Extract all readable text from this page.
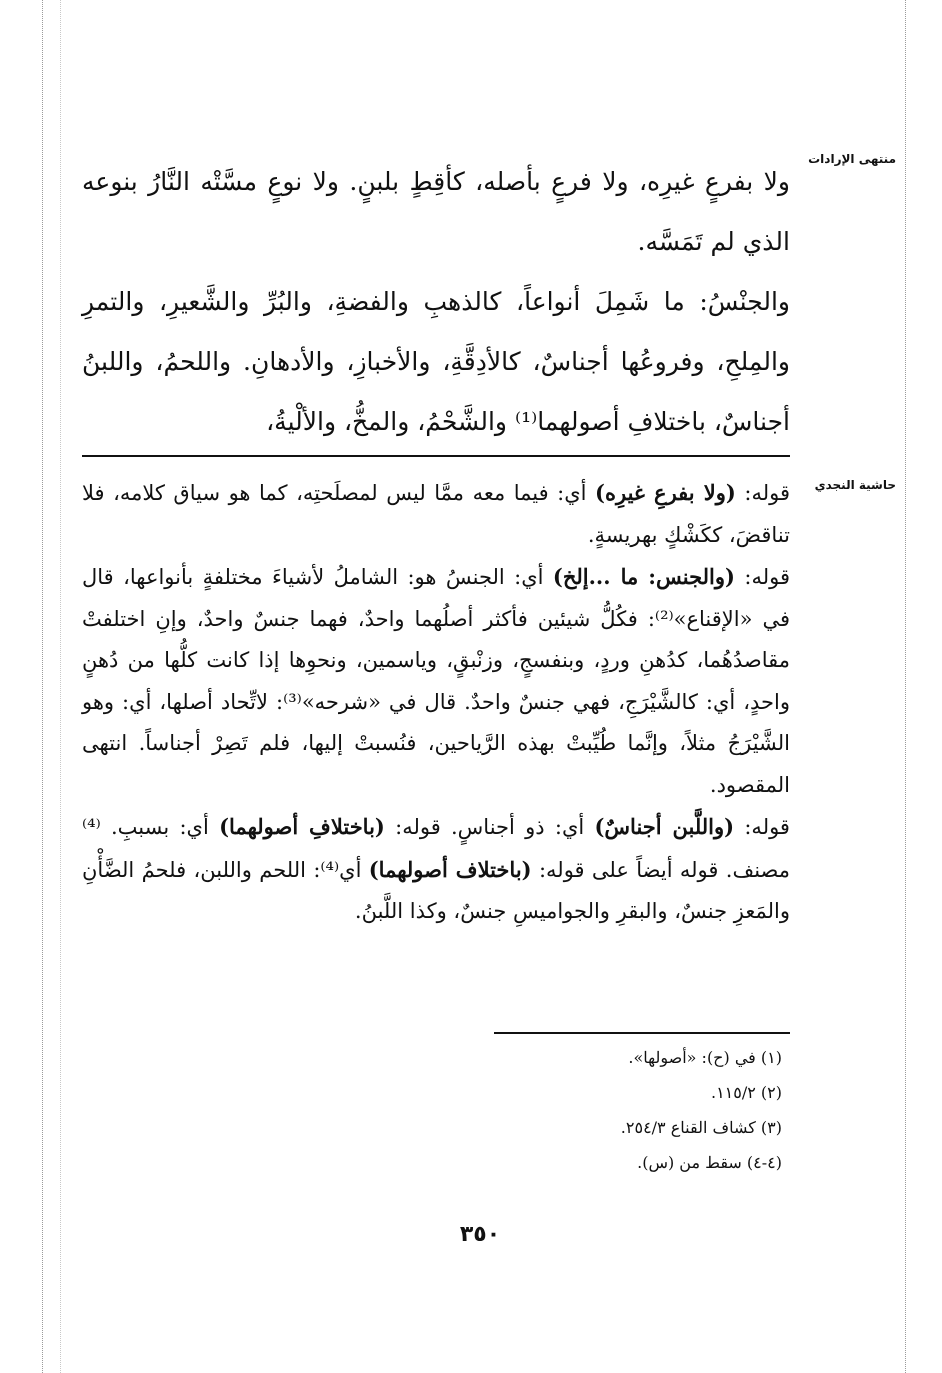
منتهى الإرادات

ولا بفرعٍ غيرِه، ولا فرعٍ بأصله، كأقِطٍ بلبنٍ. ولا نوعٍ مسَّتْه النَّارُ بنوعه الذي لم تَمَسَّه.

والجنْسُ: ما شَمِلَ أنواعاً، كالذهبِ والفضةِ، والبُرِّ والشَّعيرِ، والتمرِ والمِلحِ، وفروعُها أجناسٌ، كالأدِقَّةِ، والأخبازِ، والأدهانِ. واللحمُ، واللبنُ أجناسٌ، باختلافِ أصولهما⁽¹⁾ والشَّحْمُ، والمخُّ، والألْيةُ،

حاشية النجدي

قوله: (ولا بفرعِ غيرِه) أي: فيما معه ممَّا ليس لمصلَحتِه، كما هو سياق كلامه، فلا تناقضَ، ككَشْكٍ بهريسةٍ.

قوله: (والجنس: ما ...إلخ) أي: الجنسُ هو: الشاملُ لأشياءَ مختلفةٍ بأنواعها، قال في «الإقناع»⁽²⁾: فكُلُّ شيئين فأكثر أصلُهما واحدٌ، فهما جنسٌ واحدٌ، وإنِ اختلفتْ مقاصدُهُما، كدُهنِ وردٍ، وبنفسجٍ، وزنْبقٍ، وياسمين، ونحوِها إذا كانت كلُّها من دُهنٍ واحدٍ، أي: كالشَّيْرَجِ، فهي جنسٌ واحدٌ. قال في «شرحه»⁽³⁾: لاتِّحاد أصلها، أي: وهو الشَّيْرَجُ مثلاً، وإنَّما طُيِّبتْ بهذه الرَّياحين، فنُسبتْ إليها، فلم تَصِرْ أجناساً. انتهى المقصود.

قوله: (واللَّبن أجناسٌ) أي: ذو أجناسٍ. قوله: (باختلافِ أصولهما) أي: بسببِ. ⁽⁴⁾مصنف. قوله أيضاً على قوله: (باختلاف أصولهما) أي⁽⁴⁾: اللحم واللبن، فلحمُ الضَّأْنِ والمَعزِ جنسٌ، والبقرِ والجواميسِ جنسٌ، وكذا اللَّبنُ.

(١) في (ح): «أصولها».
(٢) ١١٥/٢.
(٣) كشاف القناع ٢٥٤/٣.
(٤-٤) سقط من (س).
٣٥٠
